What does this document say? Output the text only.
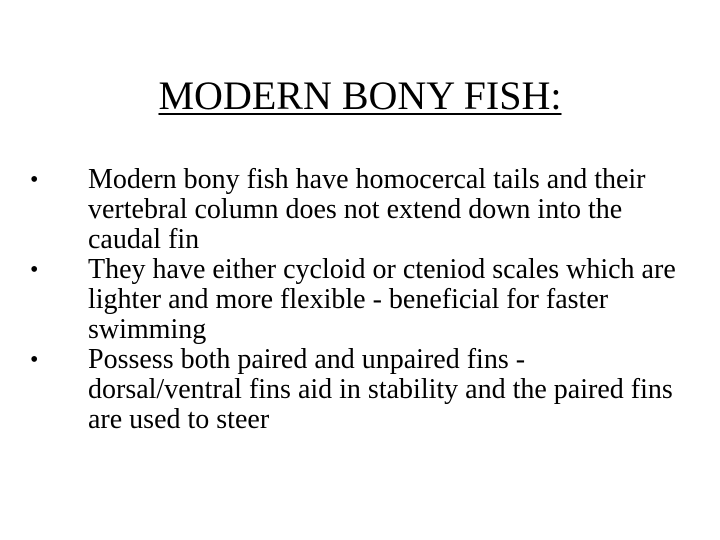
MODERN BONY FISH:
•	Modern bony fish have homocercal tails and their vertebral column does not extend down into the caudal fin
•	They have either cycloid or cteniod scales which are lighter and more flexible - beneficial for faster swimming
•	Possess both paired and unpaired fins - dorsal/ventral fins aid in stability and the paired fins are used to steer
